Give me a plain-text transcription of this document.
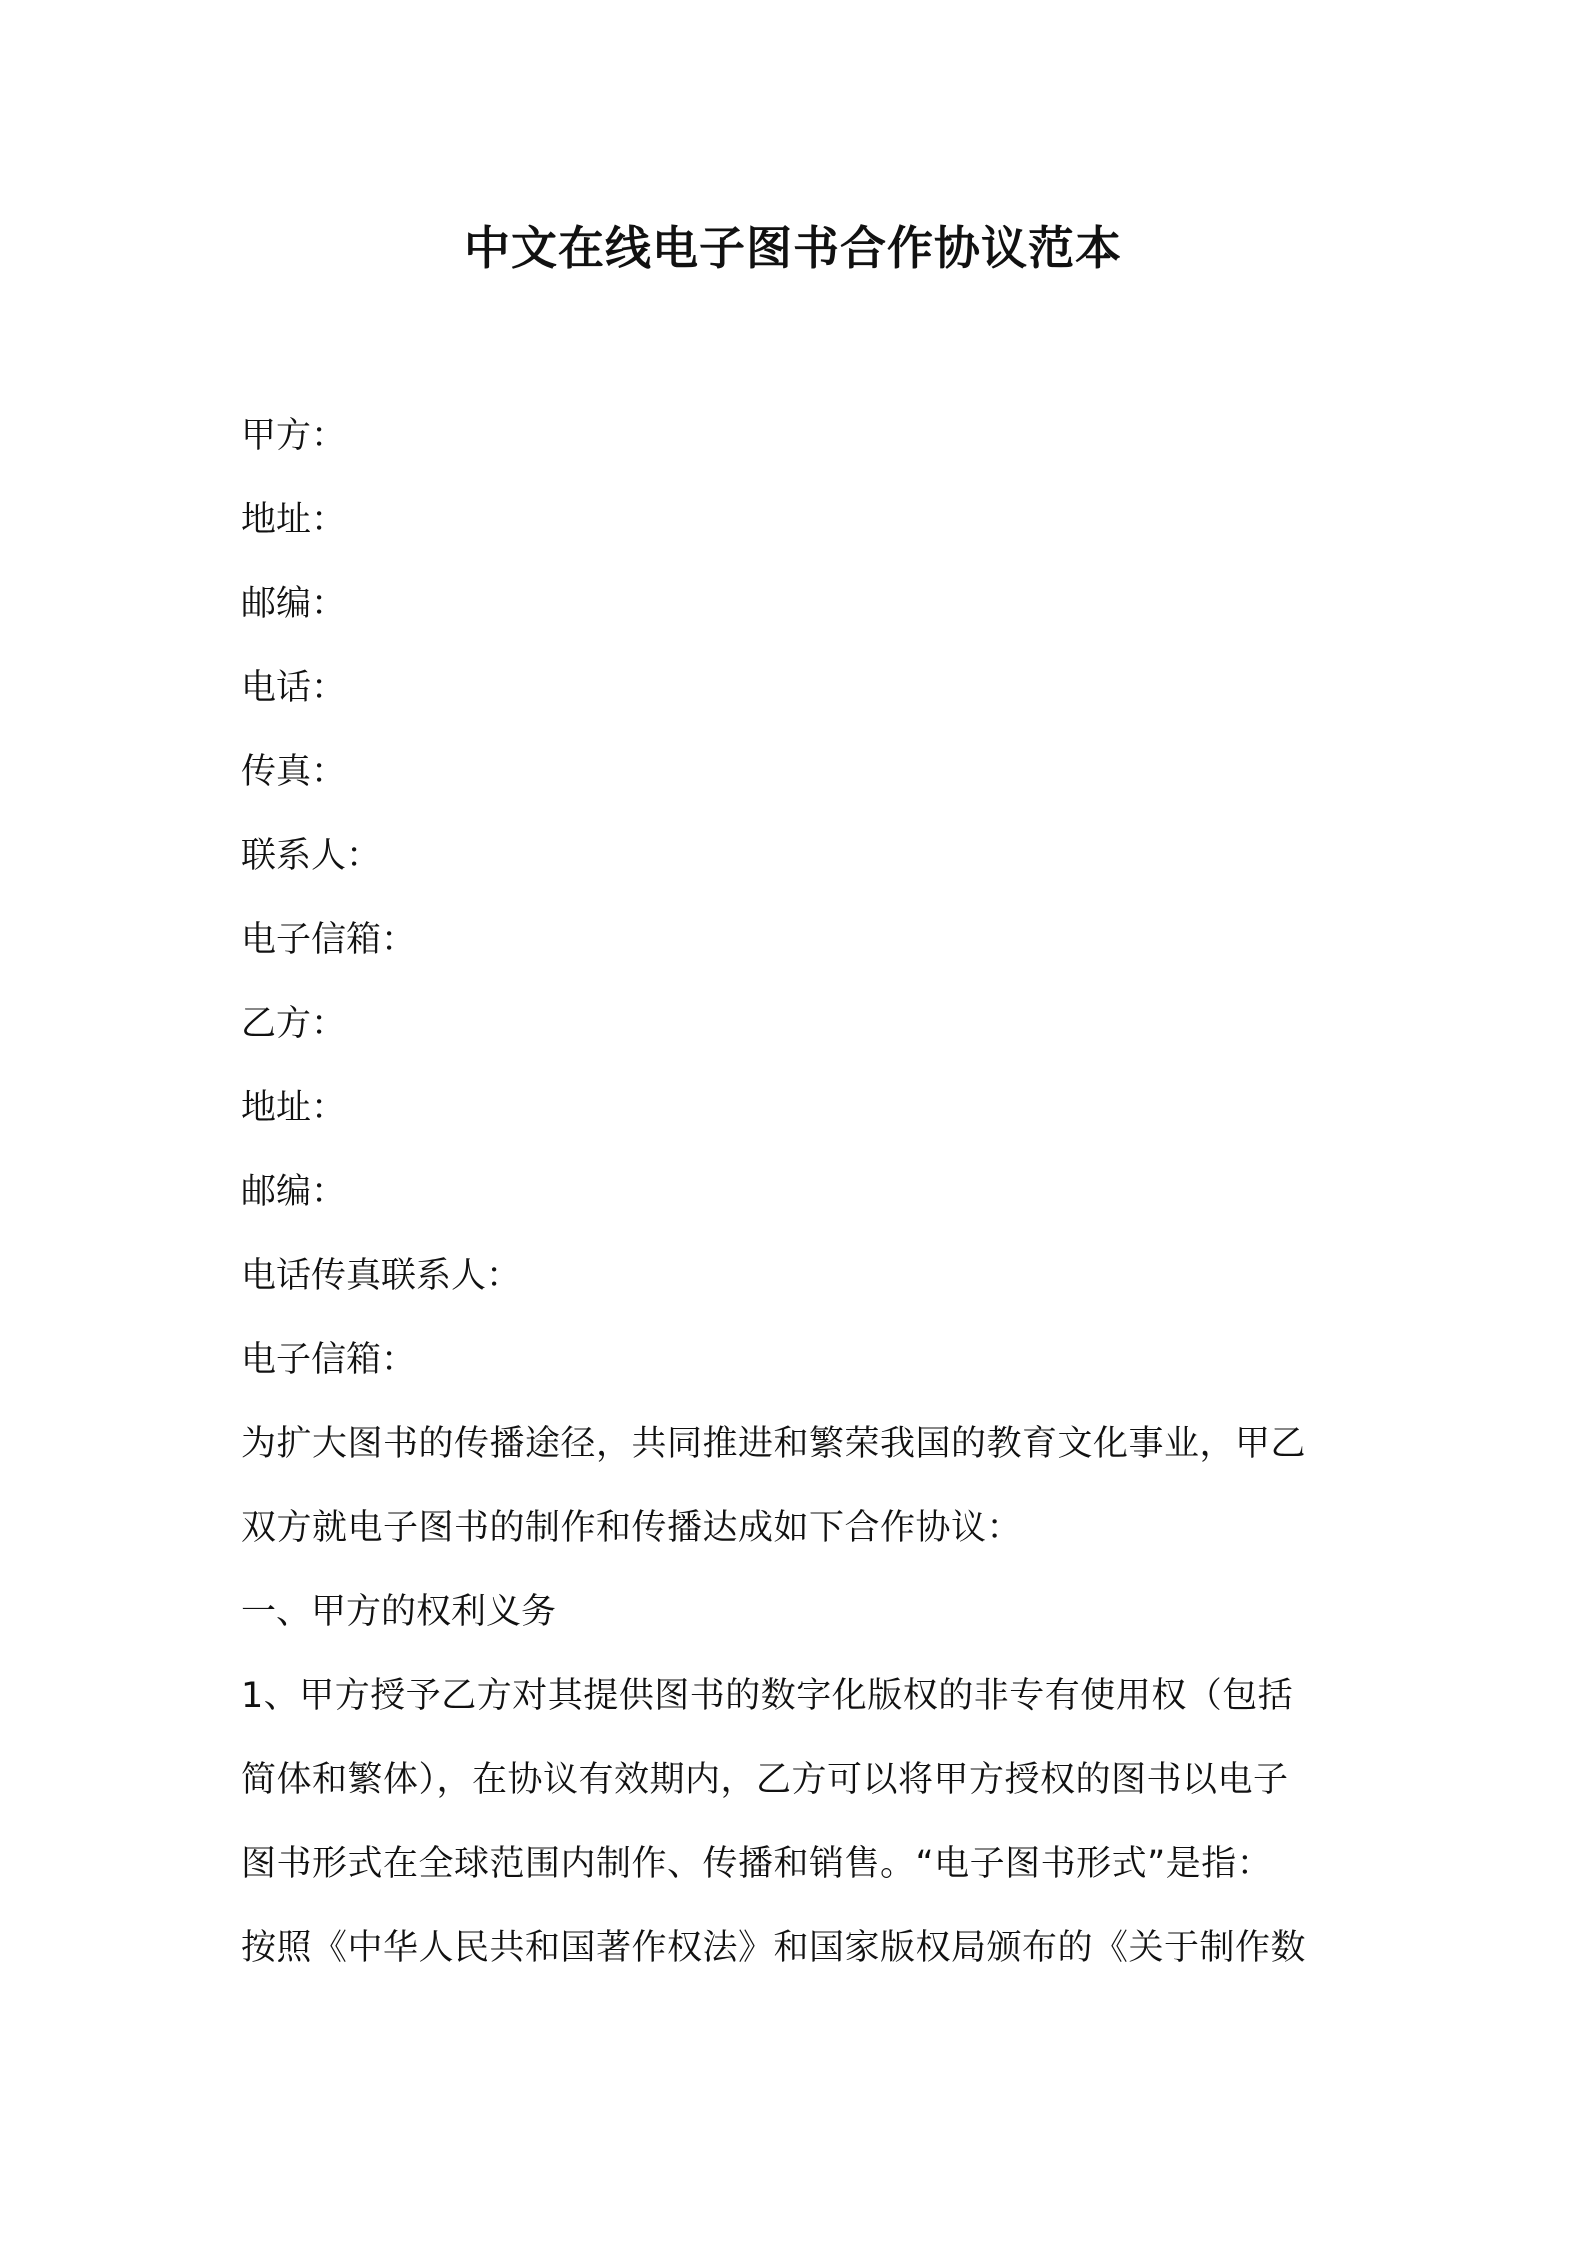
中文在线电子图书合作协议范本

甲方：

地址：

邮编：

电话：

传真：

联系人：

电子信箱：

乙方：

地址：

邮编：

电话传真联系人：

电子信箱：

为扩大图书的传播途径，共同推进和繁荣我国的教育文化事业，甲乙

双方就电子图书的制作和传播达成如下合作协议：

一、甲方的权利义务

1、甲方授予乙方对其提供图书的数字化版权的非专有使用权（包括

简体和繁体），在协议有效期内，乙方可以将甲方授权的图书以电子

图书形式在全球范围内制作、传播和销售。“电子图书形式”是指：

按照《中华人民共和国著作权法》和国家版权局颁布的《关于制作数
